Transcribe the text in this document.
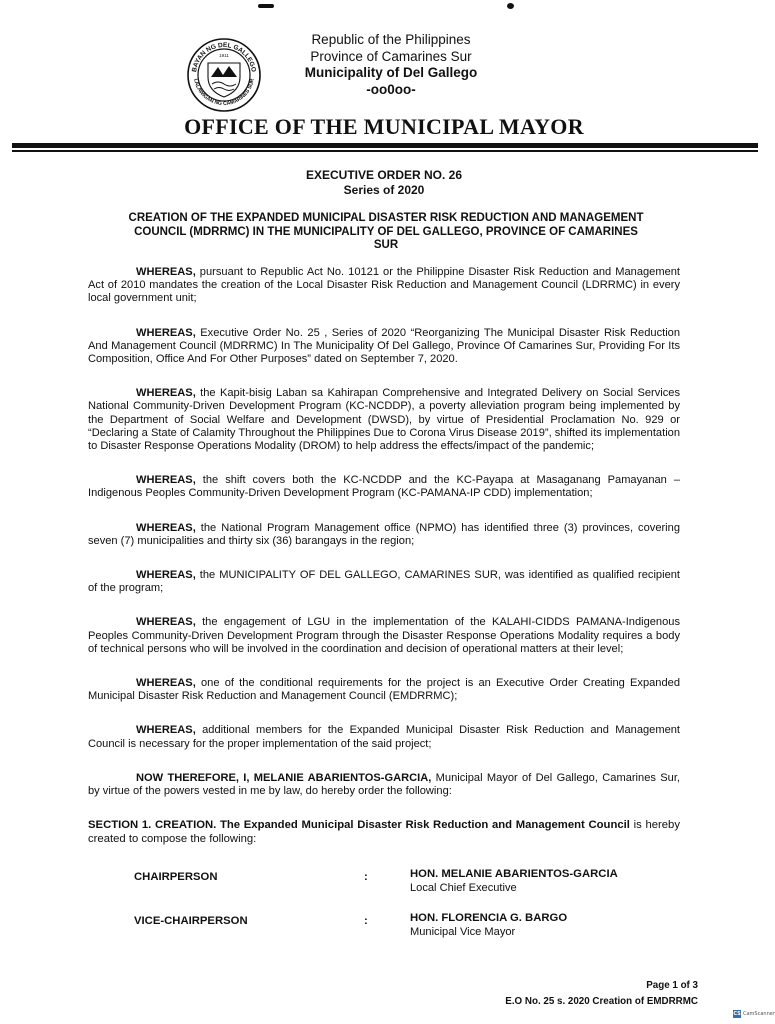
BAYAN NG DEL GALLEGO
LALAWIGAN NG CAMARINES SUR
1911
Republic of the Philippines
Province of Camarines Sur
Municipality of Del Gallego
-oo0oo-
OFFICE OF THE MUNICIPAL MAYOR
EXECUTIVE ORDER NO. 26
Series of 2020
CREATION OF THE EXPANDED MUNICIPAL DISASTER RISK REDUCTION AND MANAGEMENT
COUNCIL (MDRRMC) IN THE MUNICIPALITY OF DEL GALLEGO, PROVINCE OF CAMARINES
SUR

WHEREAS, pursuant to Republic Act No. 10121 or the Philippine Disaster Risk Reduction and Management Act of 2010 mandates the creation of the Local Disaster Risk Reduction and Management Council (LDRRMC) in every local government unit;

WHEREAS, Executive Order No. 25 , Series of 2020 “Reorganizing The Municipal Disaster Risk Reduction And Management Council (MDRRMC) In The Municipality Of Del Gallego, Province Of Camarines Sur, Providing For Its Composition, Office And For Other Purposes” dated on September 7, 2020.

WHEREAS, the Kapit-bisig Laban sa Kahirapan Comprehensive and Integrated Delivery on Social Services National Community-Driven Development Program (KC-NCDDP), a poverty alleviation program being implemented by the Department of Social Welfare and Development (DWSD), by virtue of Presidential Proclamation No. 929 or “Declaring a State of Calamity Throughout the Philippines Due to Corona Virus Disease 2019”, shifted its implementation to Disaster Response Operations Modality (DROM) to help address the effects/impact of the pandemic;

WHEREAS, the shift covers both the KC-NCDDP and the KC-Payapa at Masaganang Pamayanan – Indigenous Peoples Community-Driven Development Program (KC-PAMANA-IP CDD) implementation;

WHEREAS, the National Program Management office (NPMO) has identified three (3) provinces, covering seven (7) municipalities and thirty six (36) barangays in the region;

WHEREAS, the MUNICIPALITY OF DEL GALLEGO, CAMARINES SUR, was identified as qualified recipient of the program;

WHEREAS, the engagement of LGU in the implementation of the KALAHI-CIDDS PAMANA-Indigenous Peoples Community-Driven Development Program through the Disaster Response Operations Modality requires a body of technical persons who will be involved in the coordination and decision of operational matters at their level;

WHEREAS, one of the conditional requirements for the project is an Executive Order Creating Expanded Municipal Disaster Risk Reduction and Management Council (EMDRRMC);

WHEREAS, additional members for the Expanded Municipal Disaster Risk Reduction and Management Council is necessary for the proper implementation of the said project;

NOW THEREFORE, I, MELANIE ABARIENTOS-GARCIA, Municipal Mayor of Del Gallego, Camarines Sur, by virtue of the powers vested in me by law, do hereby order the following:

SECTION 1. CREATION. The Expanded Municipal Disaster Risk Reduction and Management Council is hereby created to compose the following:

CHAIRPERSON	:	HON. MELANIE ABARIENTOS-GARCIA
Local Chief Executive
VICE-CHAIRPERSON	:	HON. FLORENCIA G. BARGO
Municipal Vice Mayor
Page 1 of 3
E.O No. 25 s. 2020 Creation of EMDRRMC
CS CamScanner
